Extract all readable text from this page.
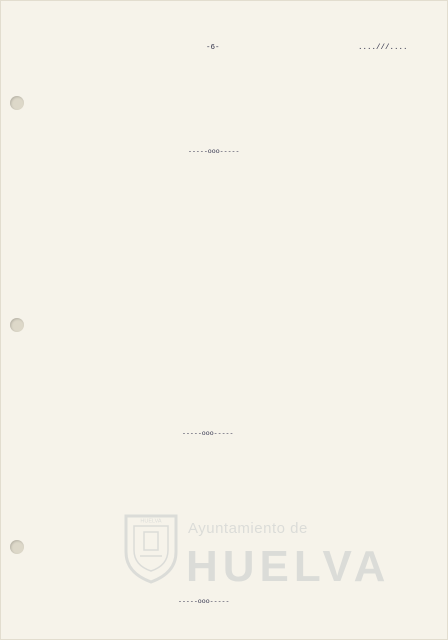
-6-	....///....

-----ooo-----

-----ooo-----

-----ooo-----
HUELVA Ayuntamiento de
HUELVA
